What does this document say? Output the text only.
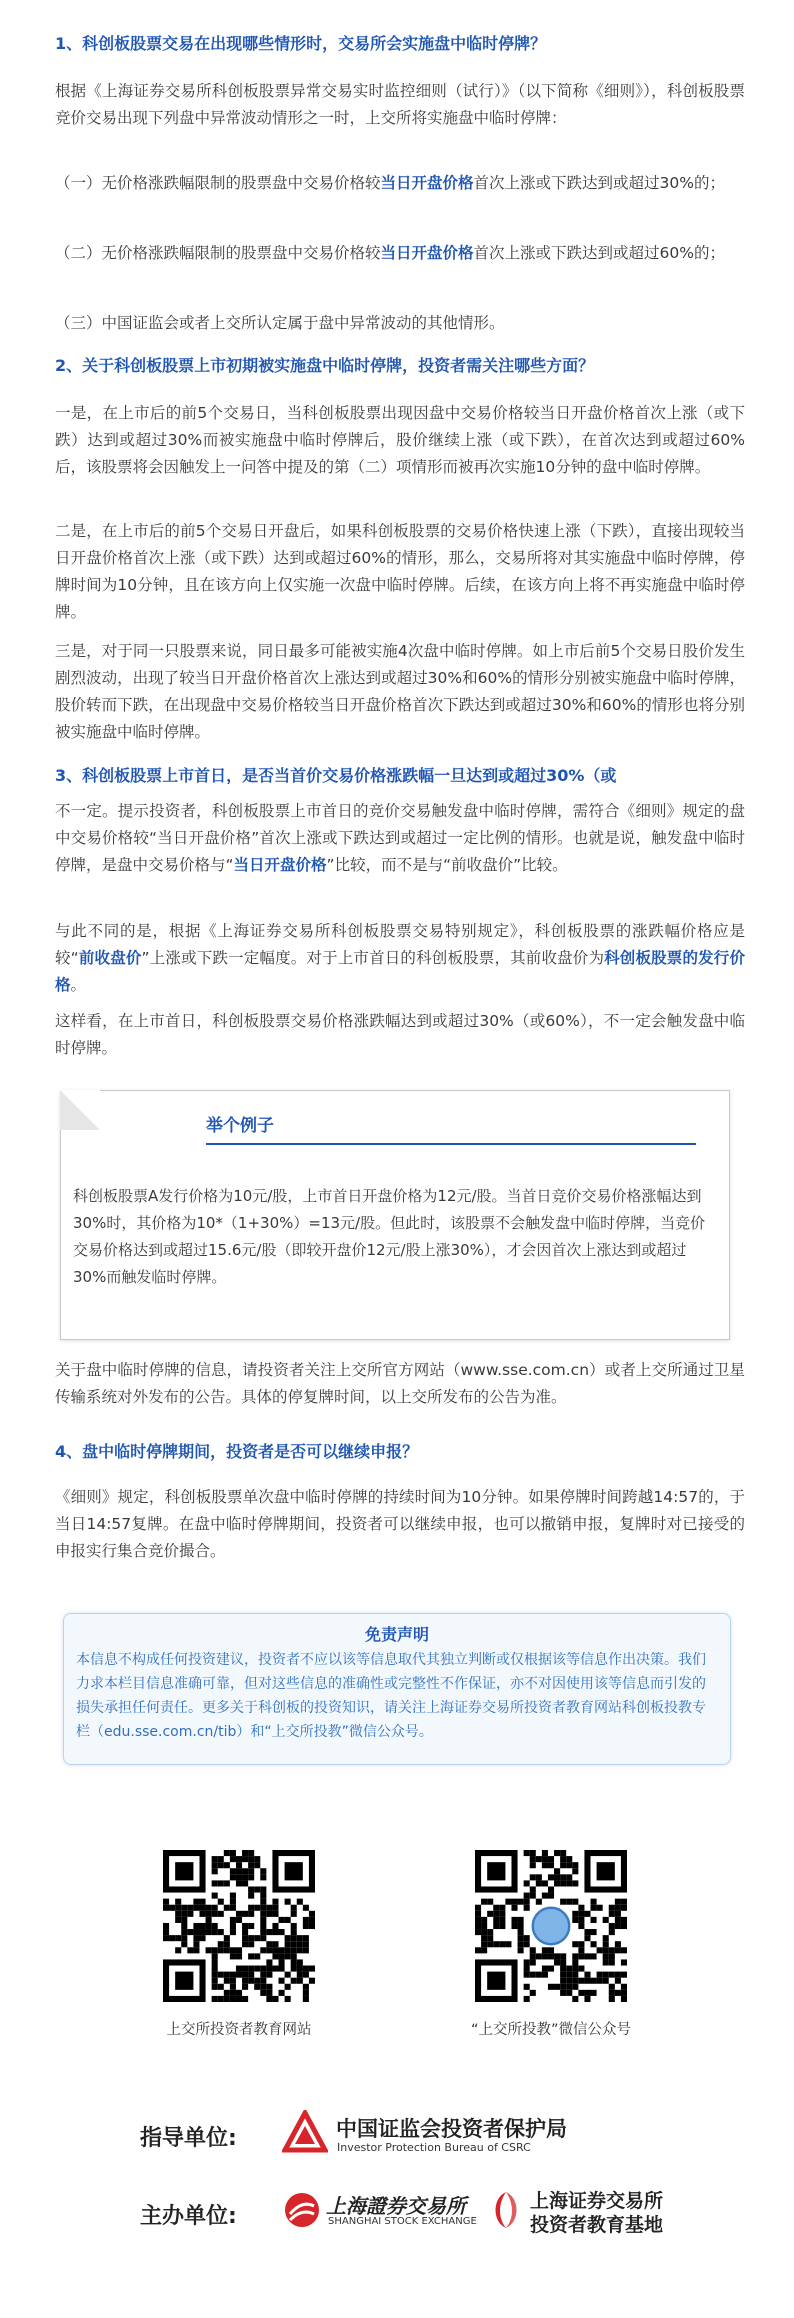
1、科创板股票交易在出现哪些情形时，交易所会实施盘中临时停牌？
根据《上海证券交易所科创板股票异常交易实时监控细则（试行）》（以下简称《细则》），科创板股票竞价交易出现下列盘中异常波动情形之一时，上交所将实施盘中临时停牌：
（一）无价格涨跌幅限制的股票盘中交易价格较当日开盘价格首次上涨或下跌达到或超过30%的；
（二）无价格涨跌幅限制的股票盘中交易价格较当日开盘价格首次上涨或下跌达到或超过60%的；
（三）中国证监会或者上交所认定属于盘中异常波动的其他情形。
2、关于科创板股票上市初期被实施盘中临时停牌，投资者需关注哪些方面？
一是，在上市后的前5个交易日，当科创板股票出现因盘中交易价格较当日开盘价格首次上涨（或下跌）达到或超过30%而被实施盘中临时停牌后，股价继续上涨（或下跌），在首次达到或超过60%后，该股票将会因触发上一问答中提及的第（二）项情形而被再次实施10分钟的盘中临时停牌。
二是，在上市后的前5个交易日开盘后，如果科创板股票的交易价格快速上涨（下跌），直接出现较当日开盘价格首次上涨（或下跌）达到或超过60%的情形，那么，交易所将对其实施盘中临时停牌，停牌时间为10分钟，且在该方向上仅实施一次盘中临时停牌。后续，在该方向上将不再实施盘中临时停牌。
三是，对于同一只股票来说，同日最多可能被实施4次盘中临时停牌。如上市后前5个交易日股价发生剧烈波动，出现了较当日开盘价格首次上涨达到或超过30%和60%的情形分别被实施盘中临时停牌，股价转而下跌，在出现盘中交易价格较当日开盘价格首次下跌达到或超过30%和60%的情形也将分别被实施盘中临时停牌。
3、科创板股票上市首日，是否当首价交易价格涨跌幅一旦达到或超过30%（或
不一定。提示投资者，科创板股票上市首日的竞价交易触发盘中临时停牌，需符合《细则》规定的盘中交易价格较“当日开盘价格”首次上涨或下跌达到或超过一定比例的情形。也就是说，触发盘中临时停牌，是盘中交易价格与“当日开盘价格”比较，而不是与“前收盘价”比较。
与此不同的是，根据《上海证券交易所科创板股票交易特别规定》，科创板股票的涨跌幅价格应是较“前收盘价”上涨或下跌一定幅度。对于上市首日的科创板股票，其前收盘价为科创板股票的发行价格。
这样看，在上市首日，科创板股票交易价格涨跌幅达到或超过30%（或60%），不一定会触发盘中临时停牌。
举个例子
科创板股票A发行价格为10元/股，上市首日开盘价格为12元/股。当首日竞价交易价格涨幅达到30%时，其价格为10*（1+30%）=13元/股。但此时，该股票不会触发盘中临时停牌，当竞价交易价格达到或超过15.6元/股（即较开盘价12元/股上涨30%），才会因首次上涨达到或超过30%而触发临时停牌。
关于盘中临时停牌的信息，请投资者关注上交所官方网站（www.sse.com.cn）或者上交所通过卫星传输系统对外发布的公告。具体的停复牌时间，以上交所发布的公告为准。
4、盘中临时停牌期间，投资者是否可以继续申报？
《细则》规定，科创板股票单次盘中临时停牌的持续时间为10分钟。如果停牌时间跨越14:57的，于当日14:57复牌。在盘中临时停牌期间，投资者可以继续申报，也可以撤销申报，复牌时对已接受的申报实行集合竞价撮合。
免责声明
本信息不构成任何投资建议，投资者不应以该等信息取代其独立判断或仅根据该等信息作出决策。我们力求本栏目信息准确可靠，但对这些信息的准确性或完整性不作保证，亦不对因使用该等信息而引发的损失承担任何责任。更多关于科创板的投资知识，请关注上海证券交易所投资者教育网站科创板投教专栏（edu.sse.com.cn/tib）和“上交所投教”微信公众号。
上交所投资者教育网站	“上交所投教”微信公众号
指导单位:	中国证监会投资者保护局
Investor Protection Bureau of CSRC
主办单位:	上海證券交易所
SHANGHAI STOCK EXCHANGE
上海证券交易所
投资者教育基地
